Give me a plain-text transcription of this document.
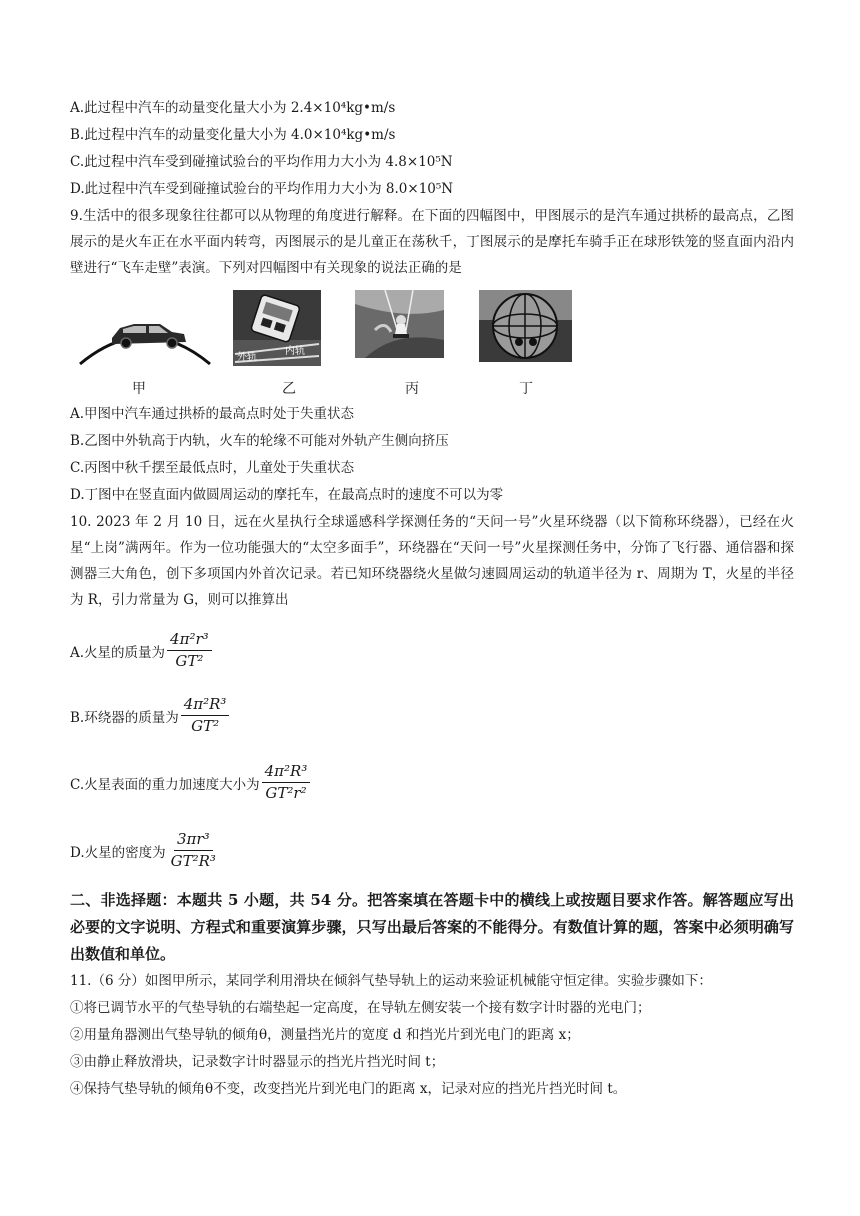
A.此过程中汽车的动量变化量大小为 2.4×10⁴kg•m/s
B.此过程中汽车的动量变化量大小为 4.0×10⁴kg•m/s
C.此过程中汽车受到碰撞试验台的平均作用力大小为 4.8×10⁵N
D.此过程中汽车受到碰撞试验台的平均作用力大小为 8.0×10⁵N
9.生活中的很多现象往往都可以从物理的角度进行解释。在下面的四幅图中，甲图展示的是汽车通过拱桥的最高点，乙图展示的是火车正在水平面内转弯，丙图展示的是儿童正在荡秋千，丁图展示的是摩托车骑手正在球形铁笼的竖直面内沿内壁进行“飞车走壁”表演。下列对四幅图中有关现象的说法正确的是
外轨
内轨
甲	乙	丙	丁
A.甲图中汽车通过拱桥的最高点时处于失重状态
B.乙图中外轨高于内轨，火车的轮缘不可能对外轨产生侧向挤压
C.丙图中秋千摆至最低点时，儿童处于失重状态
D.丁图中在竖直面内做圆周运动的摩托车，在最高点时的速度不可以为零
10. 2023 年 2 月 10 日，远在火星执行全球遥感科学探测任务的“天问一号”火星环绕器（以下简称环绕器），已经在火星“上岗”满两年。作为一位功能强大的“太空多面手”，环绕器在“天问一号”火星探测任务中，分饰了飞行器、通信器和探测器三大角色，创下多项国内外首次记录。若已知环绕器绕火星做匀速圆周运动的轨道半径为 r、周期为 T，火星的半径为 R，引力常量为 G，则可以推算出
A.火星的质量为 $\frac{\text{4π²r³}}{\text{GT²}}$
B.环绕器的质量为 $\frac{\text{4π²R³}}{\text{GT²}}$
C.火星表面的重力加速度大小为 $\frac{\text{4π²R³}}{\text{GT²r²}}$
D.火星的密度为 $\frac{\text{3πr³}}{\text{GT²R³}}$
二、非选择题：本题共 5 小题，共 54 分。把答案填在答题卡中的横线上或按题目要求作答。解答题应写出必要的文字说明、方程式和重要演算步骤，只写出最后答案的不能得分。有数值计算的题，答案中必须明确写出数值和单位。
11.（6 分）如图甲所示，某同学利用滑块在倾斜气垫导轨上的运动来验证机械能守恒定律。实验步骤如下：
①将已调节水平的气垫导轨的右端垫起一定高度，在导轨左侧安装一个接有数字计时器的光电门；
②用量角器测出气垫导轨的倾角θ，测量挡光片的宽度 d 和挡光片到光电门的距离 x；
③由静止释放滑块，记录数字计时器显示的挡光片挡光时间 t；
④保持气垫导轨的倾角θ不变，改变挡光片到光电门的距离 x，记录对应的挡光片挡光时间 t。
